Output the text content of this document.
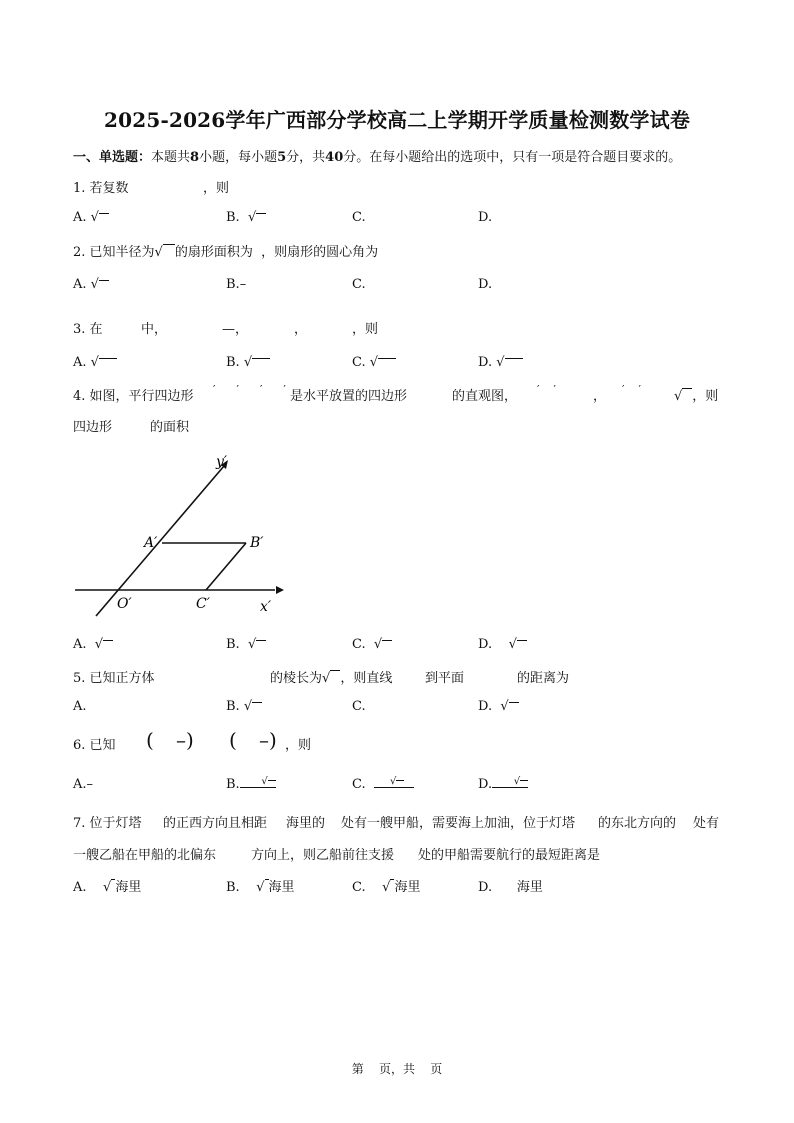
2025-2026学年广西部分学校高二上学期开学质量检测数学试卷
一、单选题：本题共8小题，每小题5分，共40分。在每小题给出的选项中，只有一项是符合题目要求的。
1. 若复数	，则
A. √	B.  √	C.	D.
2. 已知半径为√ 的扇形面积为 ，则扇形的圆心角为
A. √	B.–	C.	D.
3. 在	中，	—，	，	，则
A. √	B. √	C. √	D. √
4. 如图，平行四边形 ′      ′      ′      ′ 是水平放置的四边形	的直观图， ′    ′	， ′    ′	√ ，则
四边形	的面积
y′
A′	B′
O′	C′	x′
A.  √	B.  √	C.  √	D.    √
5. 已知正方体	的棱长为√ ，则直线	到平面	的距离为
A.	B. √	C.	D.  √
6. 已知 ( –) ( –) ，则
A.–	B. √	C. √	D. √
7. 位于灯塔 的正西方向且相距 海里的 处有一艘甲船，需要海上加油，位于灯塔 的东北方向的 处有
一艘乙船在甲船的北偏东	方向上，则乙船前往支援 处的甲船需要航行的最短距离是
A.    √ 海里	B.    √ 海里	C.    √ 海里	D. 海里
第 页，共 页
